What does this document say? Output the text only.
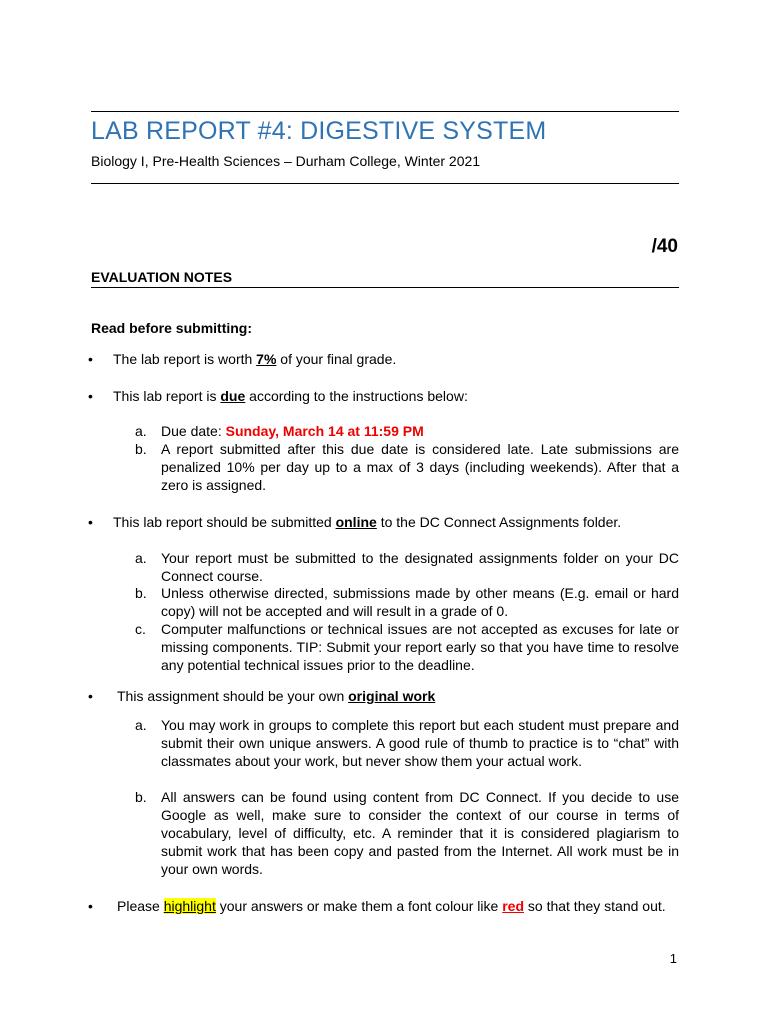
LAB REPORT #4: DIGESTIVE SYSTEM
Biology I, Pre-Health Sciences – Durham College, Winter 2021
/40
EVALUATION NOTES
Read before submitting:
• The lab report is worth 7% of your final grade.
• This lab report is due according to the instructions below:
a. Due date: Sunday, March 14 at 11:59 PM
b. A report submitted after this due date is considered late. Late submissions are penalized 10% per day up to a max of 3 days (including weekends). After that a zero is assigned.
• This lab report should be submitted online to the DC Connect Assignments folder.
a. Your report must be submitted to the designated assignments folder on your DC Connect course.
b. Unless otherwise directed, submissions made by other means (E.g. email or hard copy) will not be accepted and will result in a grade of 0.
c. Computer malfunctions or technical issues are not accepted as excuses for late or missing components. TIP: Submit your report early so that you have time to resolve any potential technical issues prior to the deadline.
• This assignment should be your own original work
a. You may work in groups to complete this report but each student must prepare and submit their own unique answers. A good rule of thumb to practice is to “chat” with classmates about your work, but never show them your actual work.
b. All answers can be found using content from DC Connect. If you decide to use Google as well, make sure to consider the context of our course in terms of vocabulary, level of difficulty, etc. A reminder that it is considered plagiarism to submit work that has been copy and pasted from the Internet. All work must be in your own words.
• Please highlight your answers or make them a font colour like red so that they stand out.
1
